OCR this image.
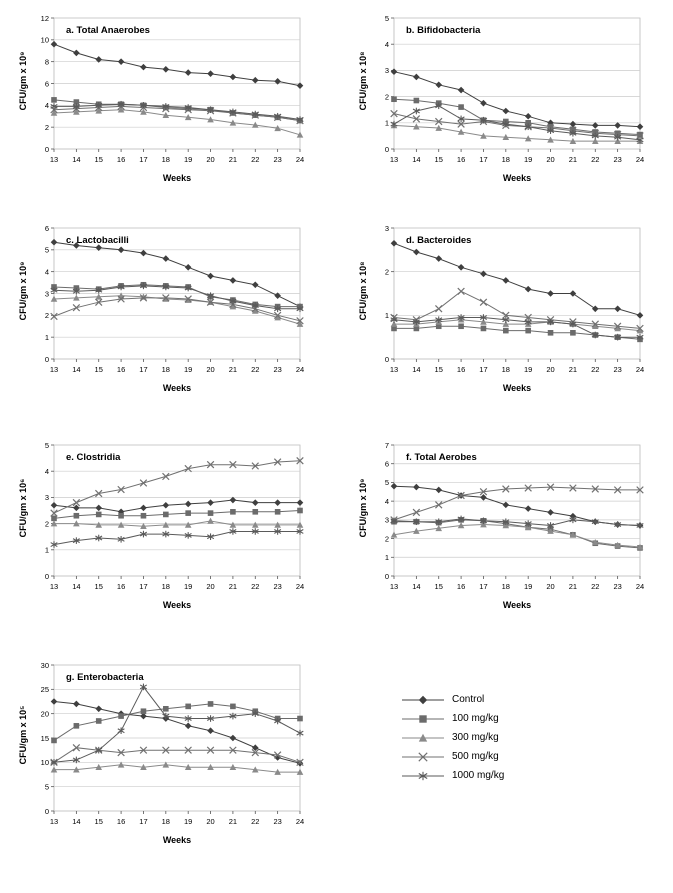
0
2
4
6
8
10
12
13 14 15 16 17 18 19 20 21 22 23 24
a. Total Anaerobes
CFU/gm x 10⁹
Weeks
0
1
2
3
4
5
13 14 15 16 17 18 19 20 21 22 23 24
b. Bifidobacteria
CFU/gm x 10⁸
Weeks
0
1
2
3
4
5
6
13 14 15 16 17 18 19 20 21 22 23 24
c. Lactobacilli
CFU/gm x 10⁹
Weeks
0
1
2
3
13 14 15 16 17 18 19 20 21 22 23 24
d. Bacteroides
CFU/gm x 10⁸
Weeks
0
1
2
3
4
5
13 14 15 16 17 18 19 20 21 22 23 24
e. Clostridia
CFU/gm x 10⁶
Weeks
0
1
2
3
4
5
6
7
13 14 15 16 17 18 19 20 21 22 23 24
f. Total Aerobes
CFU/gm x 10⁹
Weeks
0
5
10
15
20
25
30
13 14 15 16 17 18 19 20 21 22 23 24
g. Enterobacteria
CFU/gm x 10⁵
Weeks
Control
100 mg/kg
300 mg/kg
500 mg/kg
1000 mg/kg
